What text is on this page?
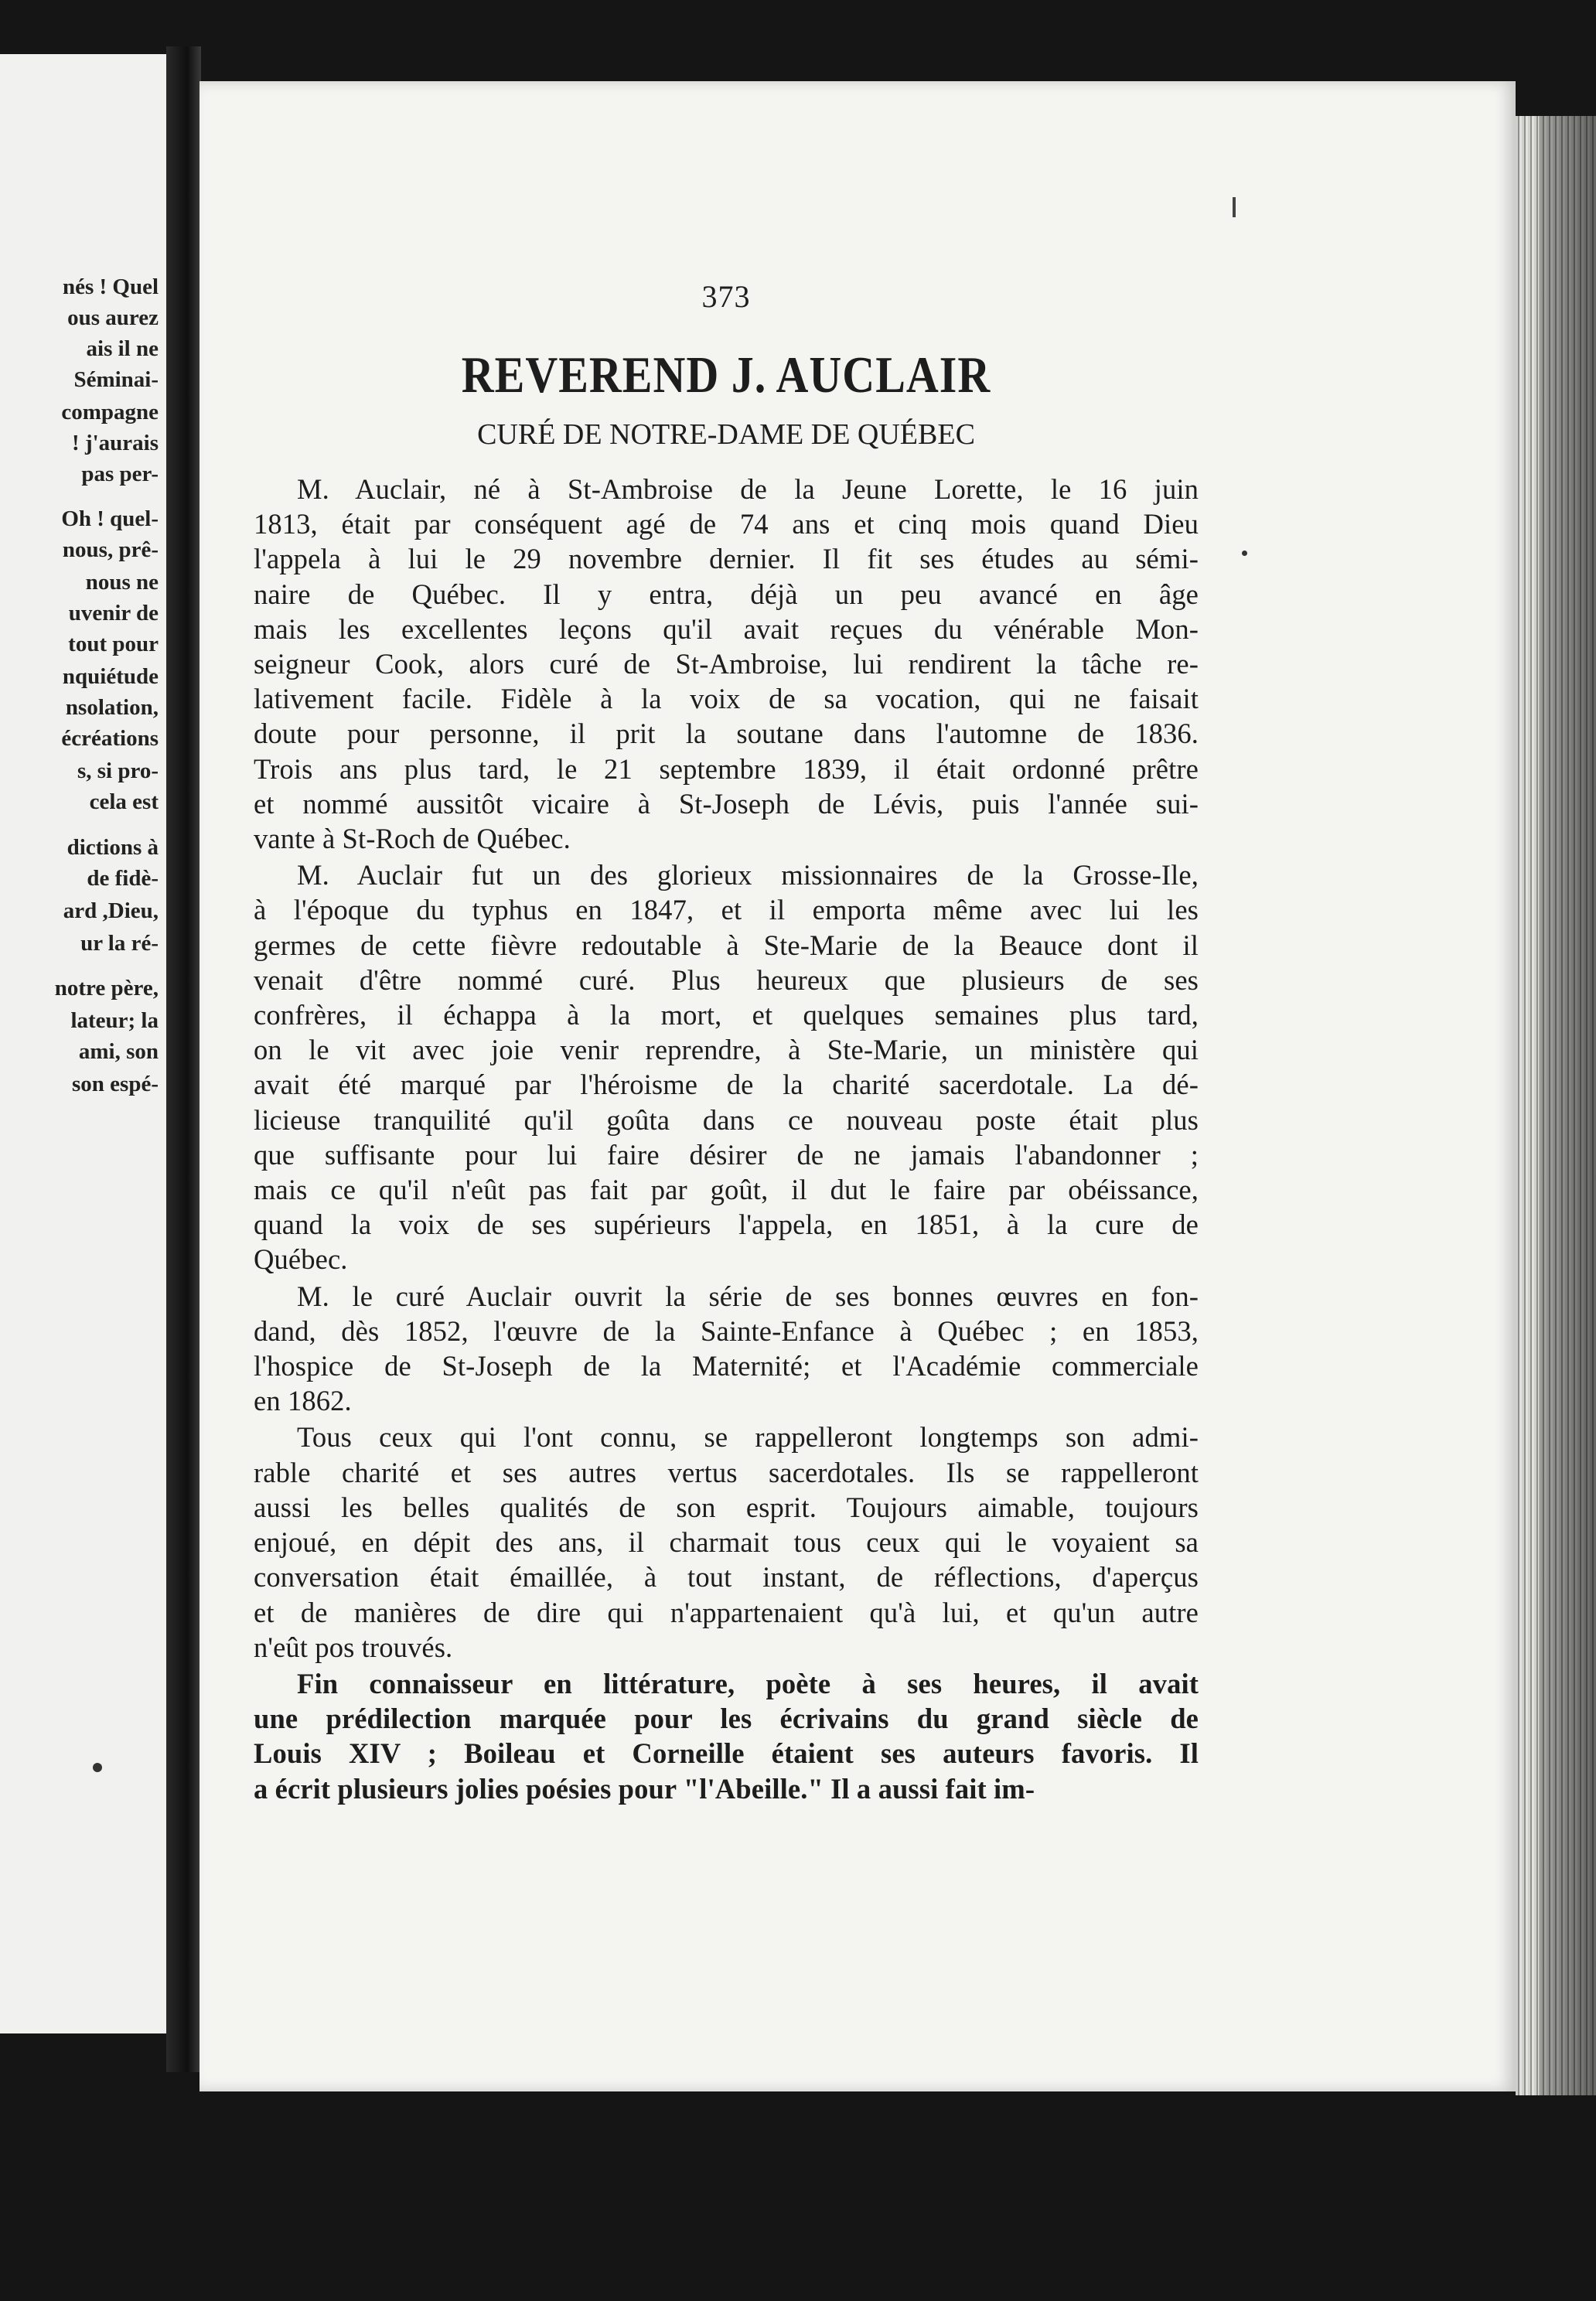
nés ! Quel
ous aurez
ais il ne
Séminai-
compagne
! j'aurais
pas per-
Oh ! quel-
nous, prê-
nous ne
uvenir de
tout pour
nquiétude
nsolation,
écréations
s, si pro-
cela est
dictions à
de fidè-
ard ,Dieu,
ur la ré-
notre père,
lateur; la
ami, son
son espé-
373
REVEREND J. AUCLAIR
CURÉ DE NOTRE-DAME DE QUÉBEC
M. Auclair, né à St-Ambroise de la Jeune Lorette, le 16 juin
1813, était par conséquent agé de 74 ans et cinq mois quand Dieu
l'appela à lui le 29 novembre dernier. Il fit ses études au sémi-
naire de Québec. Il y entra, déjà un peu avancé en âge
mais les excellentes leçons qu'il avait reçues du vénérable Mon-
seigneur Cook, alors curé de St-Ambroise, lui rendirent la tâche re-
lativement facile. Fidèle à la voix de sa vocation, qui ne faisait
doute pour personne, il prit la soutane dans l'automne de 1836.
Trois ans plus tard, le 21 septembre 1839, il était ordonné prêtre
et nommé aussitôt vicaire à St-Joseph de Lévis, puis l'année sui-
vante à St-Roch de Québec.
M. Auclair fut un des glorieux missionnaires de la Grosse-Ile,
à l'époque du typhus en 1847, et il emporta même avec lui les
germes de cette fièvre redoutable à Ste-Marie de la Beauce dont il
venait d'être nommé curé. Plus heureux que plusieurs de ses
confrères, il échappa à la mort, et quelques semaines plus tard,
on le vit avec joie venir reprendre, à Ste-Marie, un ministère qui
avait été marqué par l'héroisme de la charité sacerdotale. La dé-
licieuse tranquilité qu'il goûta dans ce nouveau poste était plus
que suffisante pour lui faire désirer de ne jamais l'abandonner ;
mais ce qu'il n'eût pas fait par goût, il dut le faire par obéissance,
quand la voix de ses supérieurs l'appela, en 1851, à la cure de
Québec.
M. le curé Auclair ouvrit la série de ses bonnes œuvres en fon-
dand, dès 1852, l'œuvre de la Sainte-Enfance à Québec ; en 1853,
l'hospice de St-Joseph de la Maternité; et l'Académie commerciale
en 1862.
Tous ceux qui l'ont connu, se rappelleront longtemps son admi-
rable charité et ses autres vertus sacerdotales. Ils se rappelleront
aussi les belles qualités de son esprit. Toujours aimable, toujours
enjoué, en dépit des ans, il charmait tous ceux qui le voyaient sa
conversation était émaillée, à tout instant, de réflections, d'aperçus
et de manières de dire qui n'appartenaient qu'à lui, et qu'un autre
n'eût pos trouvés.
Fin connaisseur en littérature, poète à ses heures, il avait
une prédilection marquée pour les écrivains du grand siècle de
Louis XIV ; Boileau et Corneille étaient ses auteurs favoris. Il
a écrit plusieurs jolies poésies pour "l'Abeille." Il a aussi fait im-
